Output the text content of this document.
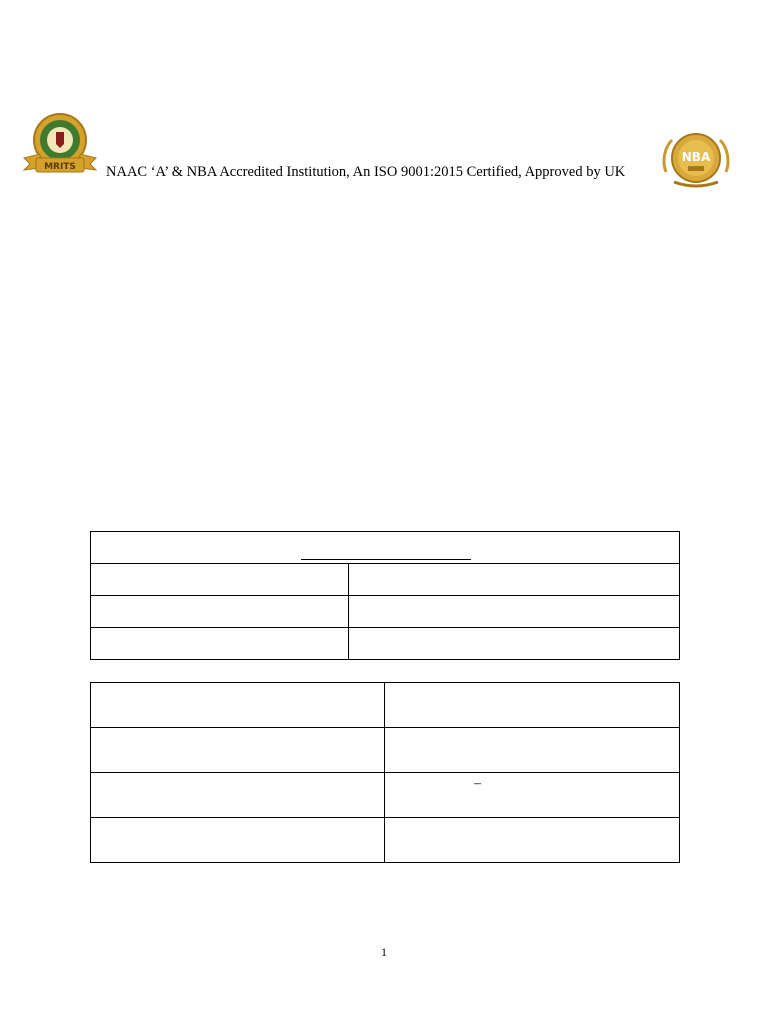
MRITS NAAC ‘A’ & NBA Accredited Institution, An ISO 9001:2015 Certified, Approved by UK
NBA

	–

1
